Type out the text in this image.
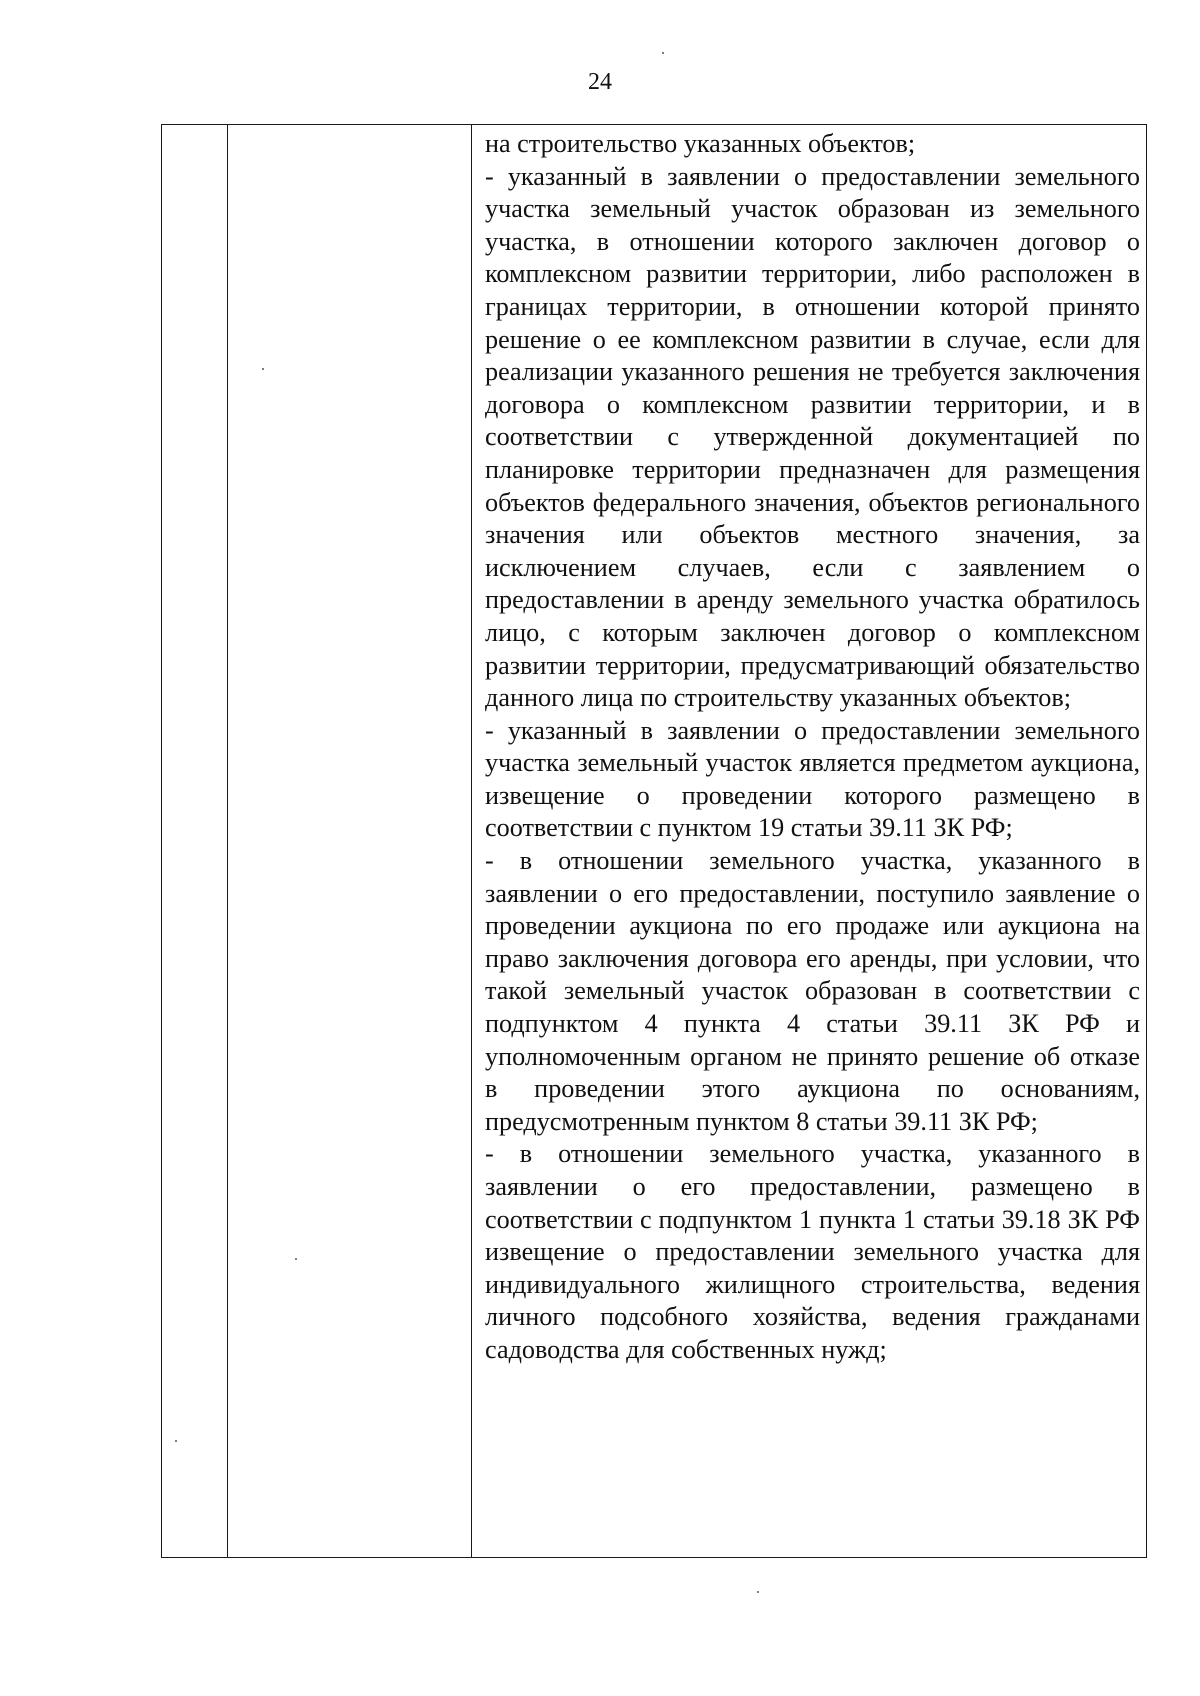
24

на строительство указанных объектов;

- указанный в заявлении о предоставлении земельного участка земельный участок образован из земельного участка, в отношении которого заключен договор о комплексном развитии территории, либо расположен в границах территории, в отношении которой принято решение о ее комплексном развитии в случае, если для реализации указанного решения не требуется заключения договора о комплексном развитии территории, и в соответствии с утвержденной документацией по планировке территории предназначен для размещения объектов федерального значения, объектов регионального значения или объектов местного значения, за исключением случаев, если с заявлением о предоставлении в аренду земельного участка обратилось лицо, с которым заключен договор о комплексном развитии территории, предусматривающий обязательство данного лица по строительству указанных объектов;

- указанный в заявлении о предоставлении земельного участка земельный участок является предметом аукциона, извещение о проведении которого размещено в соответствии с пунктом 19 статьи 39.11 ЗК РФ;

- в отношении земельного участка, указанного в заявлении о его предоставлении, поступило заявление о проведении аукциона по его продаже или аукциона на право заключения договора его аренды, при условии, что такой земельный участок образован в соответствии с подпунктом 4 пункта 4 статьи 39.11 ЗК РФ и уполномоченным органом не принято решение об отказе в проведении этого аукциона по основаниям, предусмотренным пунктом 8 статьи 39.11 ЗК РФ;

- в отношении земельного участка, указанного в заявлении о его предоставлении, размещено в соответствии с подпунктом 1 пункта 1 статьи 39.18 ЗК РФ извещение о предоставлении земельного участка для индивидуального жилищного строительства, ведения личного подсобного хозяйства, ведения гражданами садоводства для собственных нужд;
